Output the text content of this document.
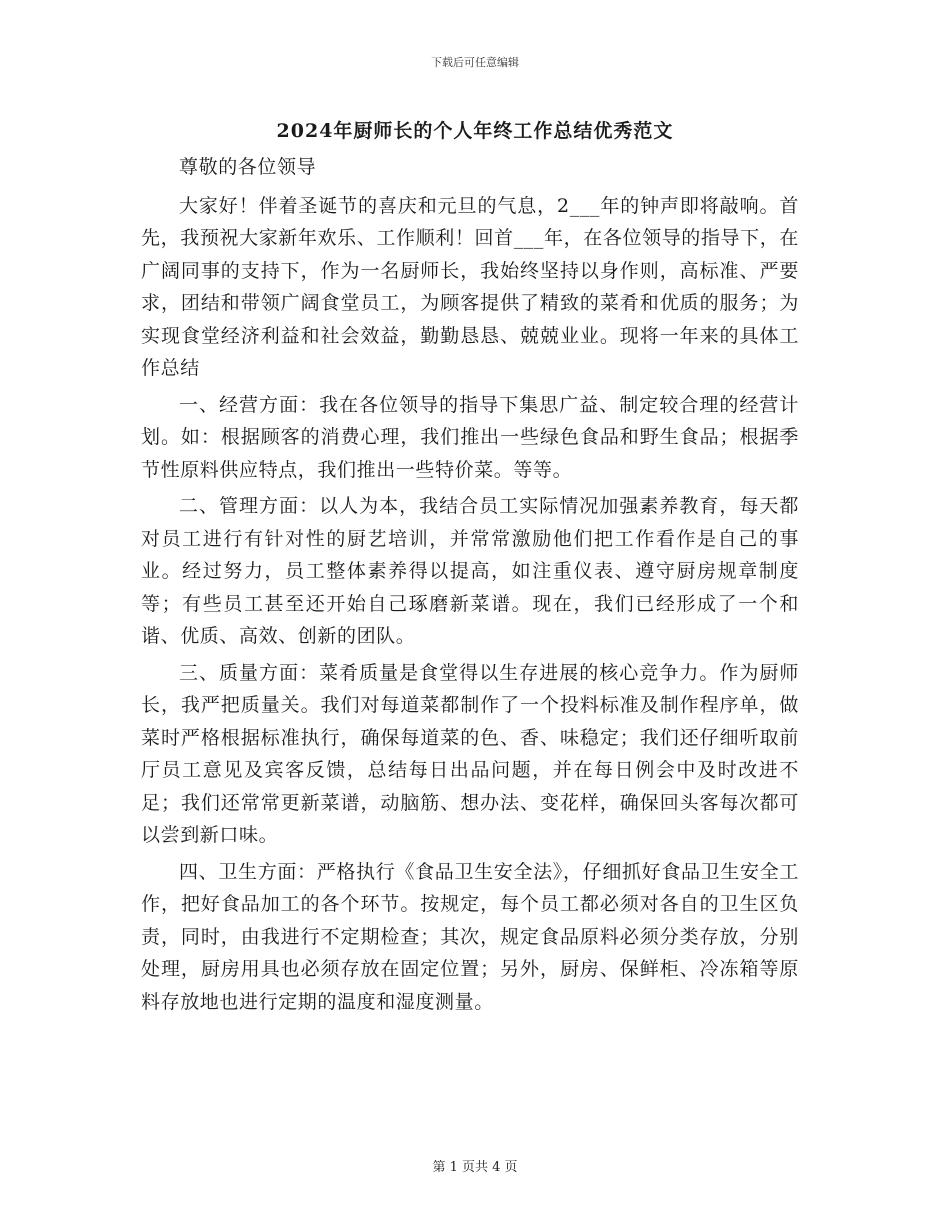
下载后可任意编辑
2024年厨师长的个人年终工作总结优秀范文

尊敬的各位领导

大家好！伴着圣诞节的喜庆和元旦的气息，2___年的钟声即将敲响。首先，我预祝大家新年欢乐、工作顺利！回首___年，在各位领导的指导下，在广阔同事的支持下，作为一名厨师长，我始终坚持以身作则，高标准、严要求，团结和带领广阔食堂员工，为顾客提供了精致的菜肴和优质的服务；为实现食堂经济利益和社会效益，勤勤恳恳、兢兢业业。现将一年来的具体工作总结

一、经营方面：我在各位领导的指导下集思广益、制定较合理的经营计划。如：根据顾客的消费心理，我们推出一些绿色食品和野生食品；根据季节性原料供应特点，我们推出一些特价菜。等等。

二、管理方面：以人为本，我结合员工实际情况加强素养教育，每天都对员工进行有针对性的厨艺培训，并常常激励他们把工作看作是自己的事业。经过努力，员工整体素养得以提高，如注重仪表、遵守厨房规章制度等；有些员工甚至还开始自己琢磨新菜谱。现在，我们已经形成了一个和谐、优质、高效、创新的团队。

三、质量方面：菜肴质量是食堂得以生存进展的核心竞争力。作为厨师长，我严把质量关。我们对每道菜都制作了一个投料标准及制作程序单，做菜时严格根据标准执行，确保每道菜的色、香、味稳定；我们还仔细听取前厅员工意见及宾客反馈，总结每日出品问题，并在每日例会中及时改进不足；我们还常常更新菜谱，动脑筋、想办法、变花样，确保回头客每次都可以尝到新口味。

四、卫生方面：严格执行《食品卫生安全法》，仔细抓好食品卫生安全工作，把好食品加工的各个环节。按规定，每个员工都必须对各自的卫生区负责，同时，由我进行不定期检查；其次，规定食品原料必须分类存放，分别处理，厨房用具也必须存放在固定位置；另外，厨房、保鲜柜、冷冻箱等原料存放地也进行定期的温度和湿度测量。

第 1 页共 4 页
